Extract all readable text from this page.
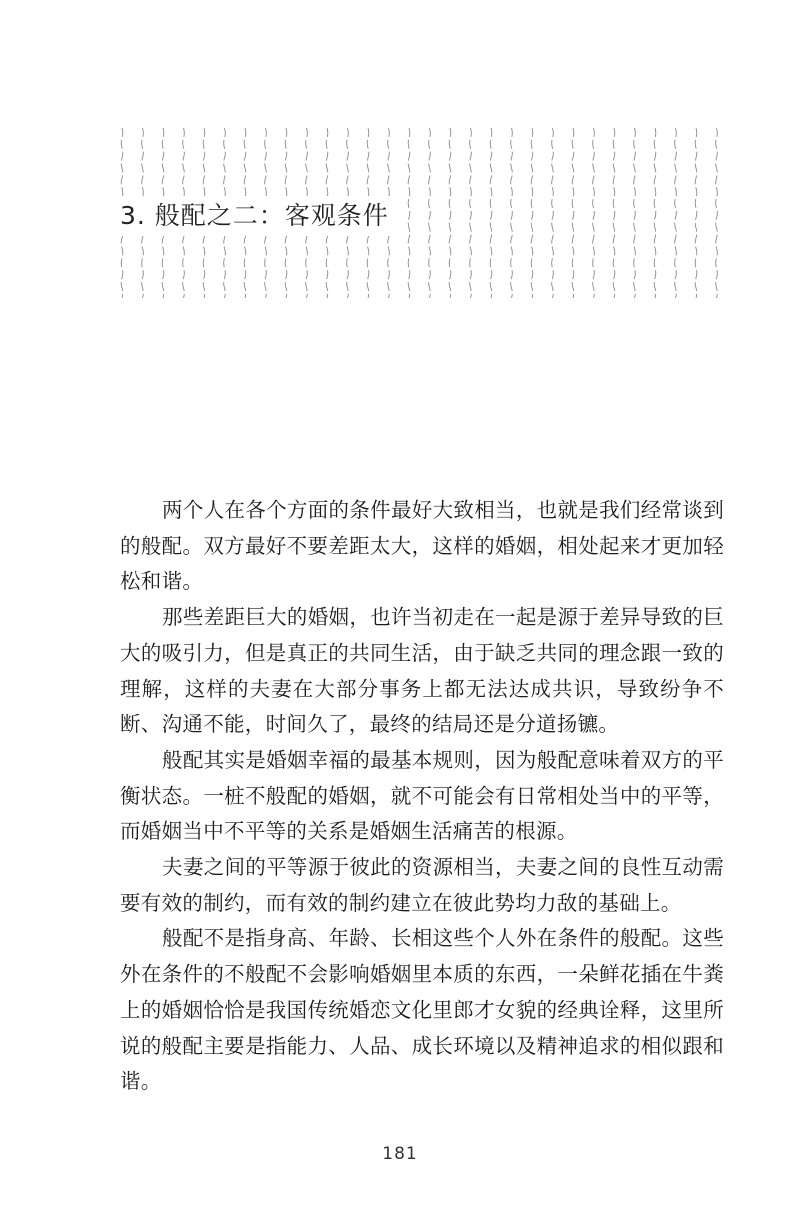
3. 般配之二：客观条件

两个人在各个方面的条件最好大致相当，也就是我们经常谈到的般配。双方最好不要差距太大，这样的婚姻，相处起来才更加轻松和谐。

那些差距巨大的婚姻，也许当初走在一起是源于差异导致的巨大的吸引力，但是真正的共同生活，由于缺乏共同的理念跟一致的理解，这样的夫妻在大部分事务上都无法达成共识，导致纷争不断、沟通不能，时间久了，最终的结局还是分道扬镳。

般配其实是婚姻幸福的最基本规则，因为般配意味着双方的平衡状态。一桩不般配的婚姻，就不可能会有日常相处当中的平等，而婚姻当中不平等的关系是婚姻生活痛苦的根源。

夫妻之间的平等源于彼此的资源相当，夫妻之间的良性互动需要有效的制约，而有效的制约建立在彼此势均力敌的基础上。

般配不是指身高、年龄、长相这些个人外在条件的般配。这些外在条件的不般配不会影响婚姻里本质的东西，一朵鲜花插在牛粪上的婚姻恰恰是我国传统婚恋文化里郎才女貌的经典诠释，这里所说的般配主要是指能力、人品、成长环境以及精神追求的相似跟和谐。

181
